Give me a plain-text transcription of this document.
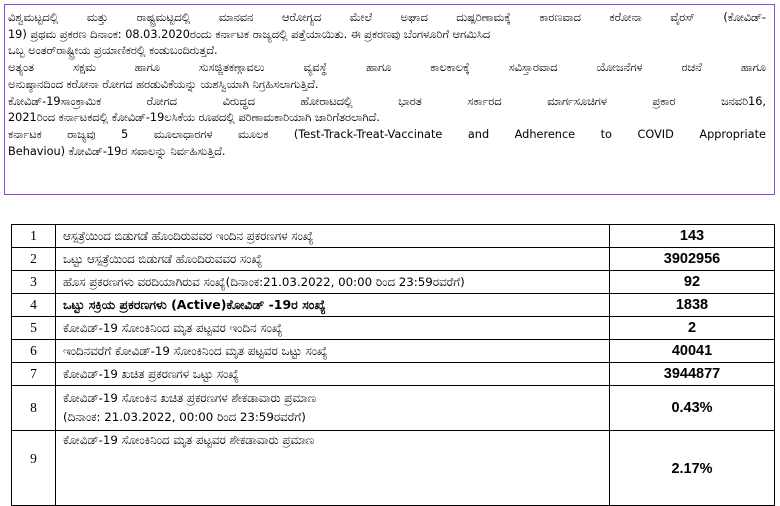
ವಿಶ್ವಮಟ್ಟದಲ್ಲಿ ಮತ್ತು ರಾಷ್ಟ್ರಮಟ್ಟದಲ್ಲಿ ಮಾನವನ ಆರೋಗ್ಯದ ಮೇಲೆ ಅಘಾದ ದುಷ್ಪರಿಣಾಮಕ್ಕೆ ಕಾರಣವಾದ ಕರೋನಾ ವೈರಸ್ (ಕೋವಿಡ್-
19) ಪ್ರಥಮ ಪ್ರಕರಣ ದಿನಾಂಕ: 08.03.2020ರಂದು ಕರ್ನಾಟಕ ರಾಜ್ಯದಲ್ಲಿ ಪತ್ತೆಯಾಯಿತು. ಈ ಪ್ರಕರಣವು ಬೆಂಗಳೂರಿಗೆ ಆಗಮಿಸಿದ
ಒಬ್ಬ ಅಂತರ್‌ರಾಷ್ಟ್ರೀಯ ಪ್ರಯಾಣಿಕರಲ್ಲಿ ಕಂಡುಬಂದಿರುತ್ತದೆ.
ಅತ್ಯಂತ ಸಕ್ಷಮ ಹಾಗೂ ಸುಸಜ್ಜಿತಕಣ್ಗಾವಲು ವ್ಯವಸ್ಥೆ ಹಾಗೂ ಕಾಲಕಾಲಕ್ಕೆ ಸವಿಸ್ತಾರವಾದ ಯೋಜನೆಗಳ ರಚನೆ ಹಾಗೂ
ಅನುಷ್ಠಾನದಿಂದ ಕರೋನಾ ರೋಗದ ಹರಡುವಿಕೆಯನ್ನು ಯಶಸ್ವಿಯಾಗಿ ನಿಗ್ರಹಿಸಲಾಗುತ್ತಿದೆ.
ಕೋವಿಡ್-19ಸಾಂಕ್ರಾಮಿಕ ರೋಗದ ವಿರುದ್ಧದ ಹೋರಾಟದಲ್ಲಿ ಭಾರತ ಸರ್ಕಾರದ ಮಾರ್ಗಸೂಚಿಗಳ ಪ್ರಕಾರ ಜನವರಿ16,
2021ರಿಂದ ಕರ್ನಾಟಕದಲ್ಲಿ ಕೋವಿಡ್-19ಲಸಿಕೆಯ ರೂಪದಲ್ಲಿ ಪರಿಣಾಮಕಾರಿಯಾಗಿ ಜಾರಿಗೆತರಲಾಗಿದೆ.
ಕರ್ನಾಟಕ ರಾಜ್ಯವು 5 ಮೂಲಾಧಾರಗಳ ಮೂಲಕ (Test-Track-Treat-Vaccinate and Adherence to COVID Appropriate
Behaviou) ಕೋವಿಡ್-19ರ ಸವಾಲನ್ನು ನಿರ್ವಹಿಸುತ್ತಿದೆ.
1	ಆಸ್ಪತ್ರೆಯಿಂದ ಬಿಡುಗಡೆ ಹೊಂದಿರುವವರ ಇಂದಿನ ಪ್ರಕರಣಗಳ ಸಂಖ್ಯೆ	143
2	ಒಟ್ಟು ಆಸ್ಪತ್ರೆಯಿಂದ ಬಿಡುಗಡೆ ಹೊಂದಿರುವವರ ಸಂಖ್ಯೆ	3902956
3	ಹೊಸ ಪ್ರಕರಣಗಳು ವರದಿಯಾಗಿರುವ ಸಂಖ್ಯೆ(ದಿನಾಂಕ:21.03.2022, 00:00 ರಿಂದ 23:59ರವರೆಗೆ)	92
4	ಒಟ್ಟು ಸಕ್ರಿಯ ಪ್ರಕರಣಗಳು (Active)ಕೋವಿಡ್ -19ರ ಸಂಖ್ಯೆ	1838
5	ಕೋವಿಡ್-19 ಸೋಂಕಿನಿಂದ ಮೃತ ಪಟ್ಟವರ ಇಂದಿನ ಸಂಖ್ಯೆ	2
6	ಇಂದಿನವರೆಗೆ ಕೋವಿಡ್-19 ಸೋಂಕಿನಿಂದ ಮೃತ ಪಟ್ಟವರ ಒಟ್ಟು ಸಂಖ್ಯೆ	40041
7	ಕೋವಿಡ್-19 ಖಚಿತ ಪ್ರಕರಣಗಳ ಒಟ್ಟು ಸಂಖ್ಯೆ	3944877
8	ಕೋವಿಡ್-19 ಸೋಂಕಿನ ಖಚಿತ ಪ್ರಕರಣಗಳ ಶೇಕಡಾವಾರು ಪ್ರಮಾಣ
(ದಿನಾಂಕ: 21.03.2022, 00:00 ರಿಂದ 23:59ರವರೆಗೆ)	0.43%
9	ಕೋವಿಡ್-19 ಸೋಂಕಿನಿಂದ ಮೃತ ಪಟ್ಟವರ ಶೇಕಡಾವಾರು ಪ್ರಮಾಣ	2.17%
